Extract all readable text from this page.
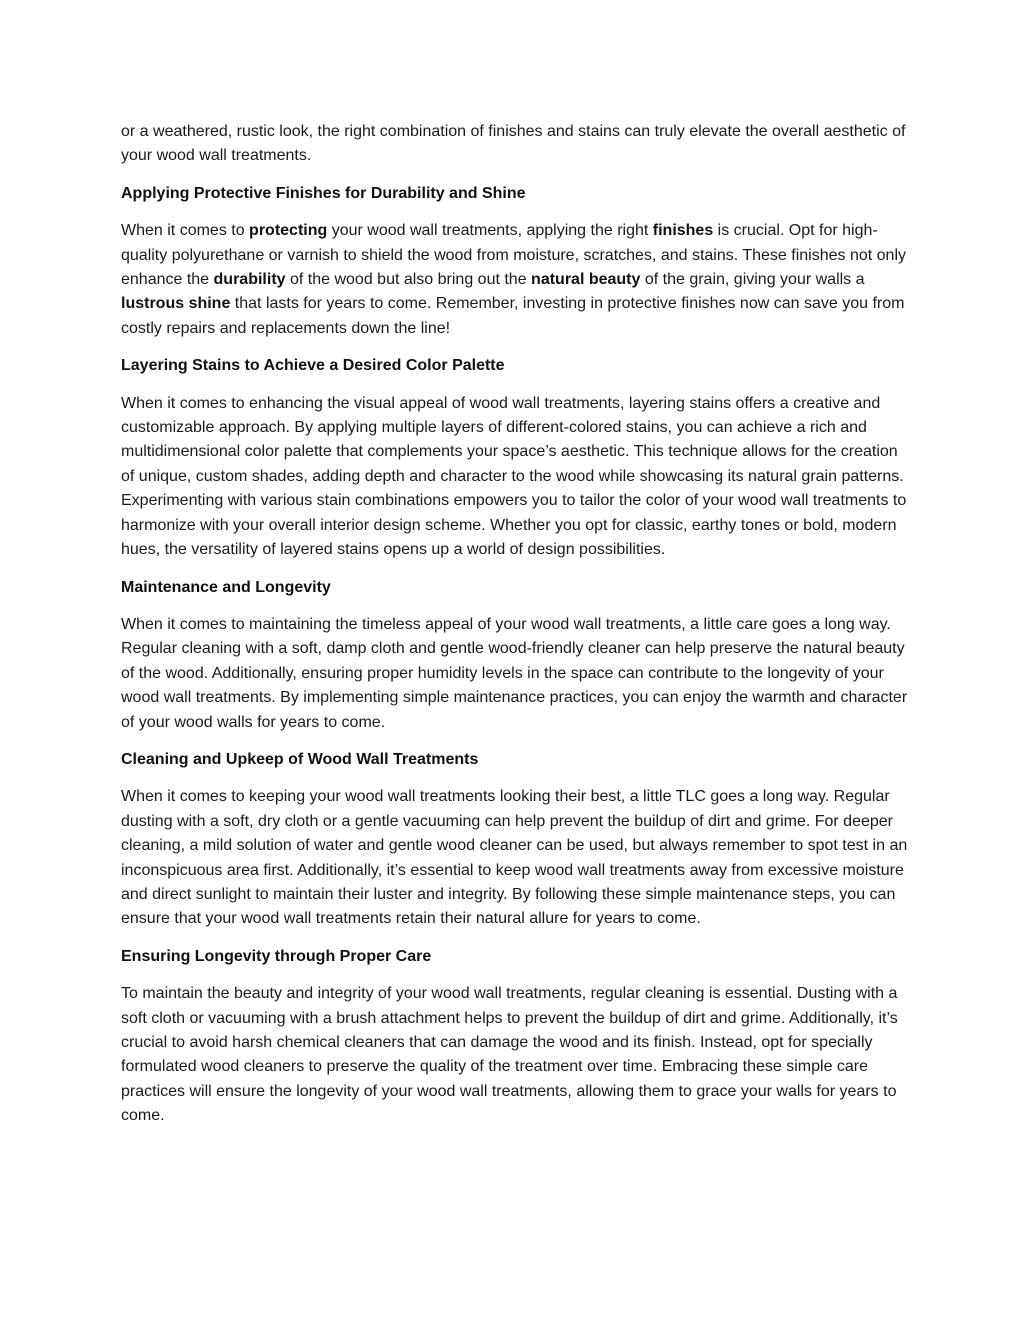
or a weathered, rustic look, the right combination of finishes and stains can truly elevate the overall aesthetic of your wood wall treatments.

Applying Protective Finishes for Durability and Shine

When it comes to protecting your wood wall treatments, applying the right finishes is crucial. Opt for high-quality polyurethane or varnish to shield the wood from moisture, scratches, and stains. These finishes not only enhance the durability of the wood but also bring out the natural beauty of the grain, giving your walls a lustrous shine that lasts for years to come. Remember, investing in protective finishes now can save you from costly repairs and replacements down the line!

Layering Stains to Achieve a Desired Color Palette

When it comes to enhancing the visual appeal of wood wall treatments, layering stains offers a creative and customizable approach. By applying multiple layers of different-colored stains, you can achieve a rich and multidimensional color palette that complements your space’s aesthetic. This technique allows for the creation of unique, custom shades, adding depth and character to the wood while showcasing its natural grain patterns. Experimenting with various stain combinations empowers you to tailor the color of your wood wall treatments to harmonize with your overall interior design scheme. Whether you opt for classic, earthy tones or bold, modern hues, the versatility of layered stains opens up a world of design possibilities.

Maintenance and Longevity

When it comes to maintaining the timeless appeal of your wood wall treatments, a little care goes a long way. Regular cleaning with a soft, damp cloth and gentle wood-friendly cleaner can help preserve the natural beauty of the wood. Additionally, ensuring proper humidity levels in the space can contribute to the longevity of your wood wall treatments. By implementing simple maintenance practices, you can enjoy the warmth and character of your wood walls for years to come.

Cleaning and Upkeep of Wood Wall Treatments

When it comes to keeping your wood wall treatments looking their best, a little TLC goes a long way. Regular dusting with a soft, dry cloth or a gentle vacuuming can help prevent the buildup of dirt and grime. For deeper cleaning, a mild solution of water and gentle wood cleaner can be used, but always remember to spot test in an inconspicuous area first. Additionally, it’s essential to keep wood wall treatments away from excessive moisture and direct sunlight to maintain their luster and integrity. By following these simple maintenance steps, you can ensure that your wood wall treatments retain their natural allure for years to come.

Ensuring Longevity through Proper Care

To maintain the beauty and integrity of your wood wall treatments, regular cleaning is essential. Dusting with a soft cloth or vacuuming with a brush attachment helps to prevent the buildup of dirt and grime. Additionally, it’s crucial to avoid harsh chemical cleaners that can damage the wood and its finish. Instead, opt for specially formulated wood cleaners to preserve the quality of the treatment over time. Embracing these simple care practices will ensure the longevity of your wood wall treatments, allowing them to grace your walls for years to come.
